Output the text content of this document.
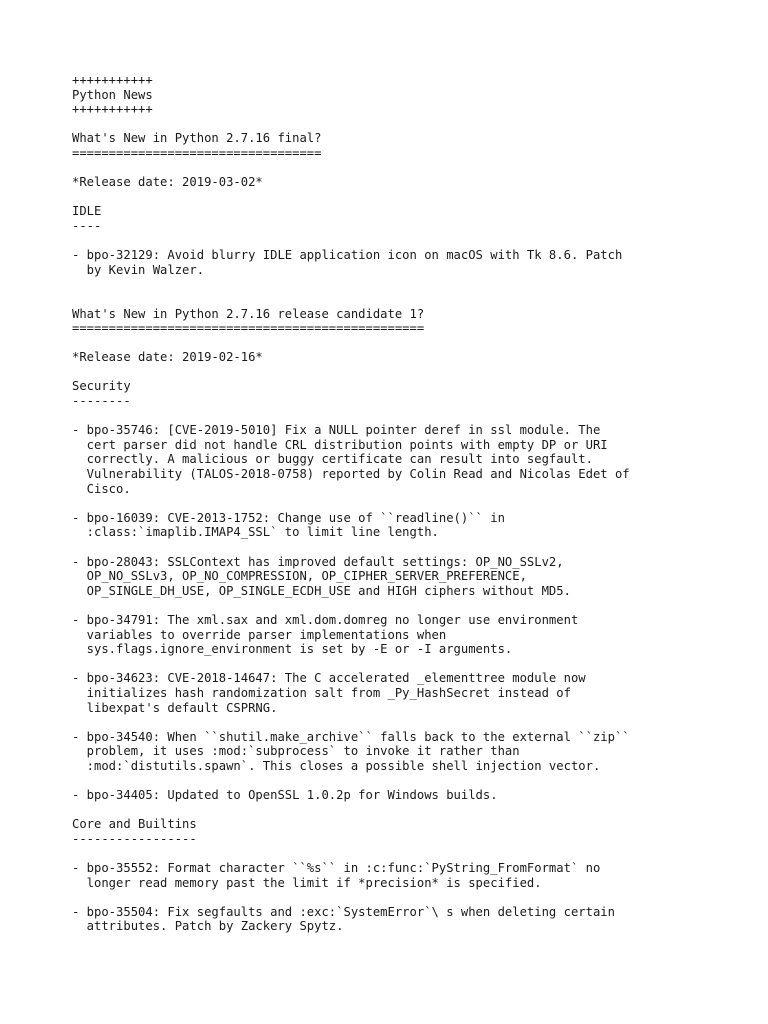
+++++++++++
Python News
+++++++++++
What's New in Python 2.7.16 final?
==================================
*Release date: 2019-03-02*
IDLE
----
- bpo-32129: Avoid blurry IDLE application icon on macOS with Tk 8.6. Patch
by Kevin Walzer.
What's New in Python 2.7.16 release candidate 1?
================================================
*Release date: 2019-02-16*
Security
--------
- bpo-35746: [CVE-2019-5010] Fix a NULL pointer deref in ssl module. The
cert parser did not handle CRL distribution points with empty DP or URI
correctly. A malicious or buggy certificate can result into segfault.
Vulnerability (TALOS-2018-0758) reported by Colin Read and Nicolas Edet of
Cisco.
- bpo-16039: CVE-2013-1752: Change use of ``readline()`` in
:class:`imaplib.IMAP4_SSL` to limit line length.
- bpo-28043: SSLContext has improved default settings: OP_NO_SSLv2,
OP_NO_SSLv3, OP_NO_COMPRESSION, OP_CIPHER_SERVER_PREFERENCE,
OP_SINGLE_DH_USE, OP_SINGLE_ECDH_USE and HIGH ciphers without MD5.
- bpo-34791: The xml.sax and xml.dom.domreg no longer use environment
variables to override parser implementations when
sys.flags.ignore_environment is set by -E or -I arguments.
- bpo-34623: CVE-2018-14647: The C accelerated _elementtree module now
initializes hash randomization salt from _Py_HashSecret instead of
libexpat's default CSPRNG.
- bpo-34540: When ``shutil.make_archive`` falls back to the external ``zip``
problem, it uses :mod:`subprocess` to invoke it rather than
:mod:`distutils.spawn`. This closes a possible shell injection vector.
- bpo-34405: Updated to OpenSSL 1.0.2p for Windows builds.
Core and Builtins
-----------------
- bpo-35552: Format character ``%s`` in :c:func:`PyString_FromFormat` no
longer read memory past the limit if *precision* is specified.
- bpo-35504: Fix segfaults and :exc:`SystemError`\ s when deleting certain
attributes. Patch by Zackery Spytz.
